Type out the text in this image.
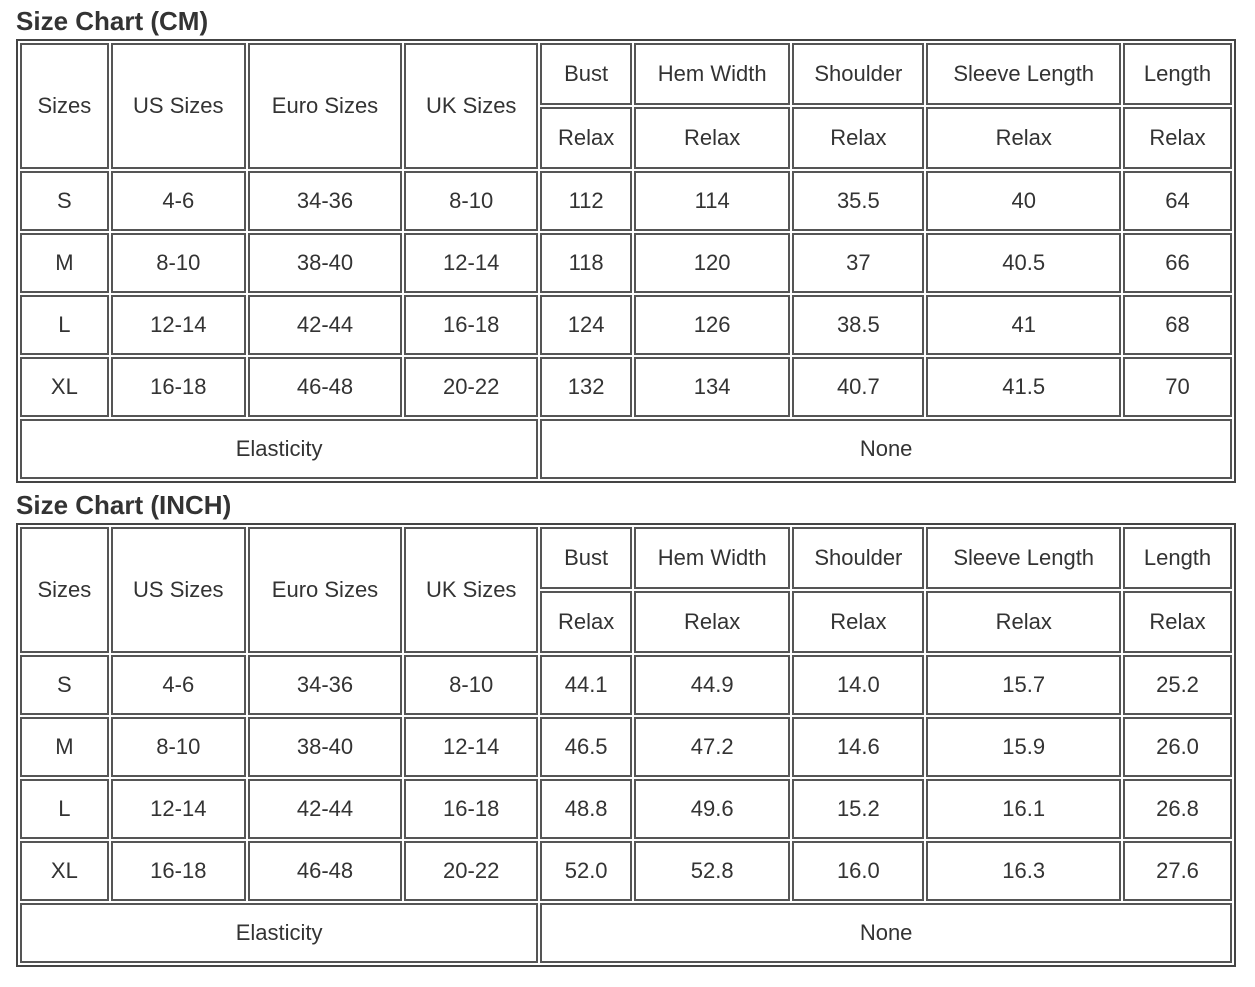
Size Chart (CM)
Sizes	US Sizes	Euro Sizes	UK Sizes	Bust	Hem Width	Shoulder	Sleeve Length	Length
				Relax	Relax	Relax	Relax	Relax
S	4-6	34-36	8-10	112	114	35.5	40	64
M	8-10	38-40	12-14	118	120	37	40.5	66
L	12-14	42-44	16-18	124	126	38.5	41	68
XL	16-18	46-48	20-22	132	134	40.7	41.5	70
Elasticity				None				
Size Chart (INCH)
Sizes	US Sizes	Euro Sizes	UK Sizes	Bust	Hem Width	Shoulder	Sleeve Length	Length
				Relax	Relax	Relax	Relax	Relax
S	4-6	34-36	8-10	44.1	44.9	14.0	15.7	25.2
M	8-10	38-40	12-14	46.5	47.2	14.6	15.9	26.0
L	12-14	42-44	16-18	48.8	49.6	15.2	16.1	26.8
XL	16-18	46-48	20-22	52.0	52.8	16.0	16.3	27.6
Elasticity				None				
